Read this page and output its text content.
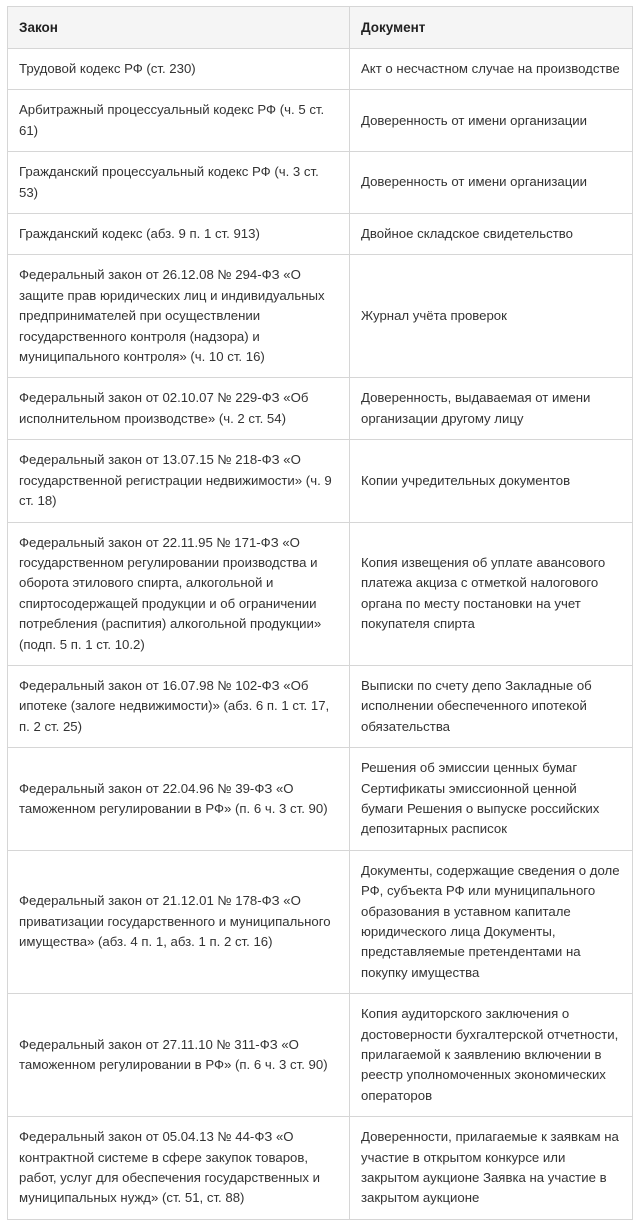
Закон	Документ
Трудовой кодекс РФ (ст. 230)	Акт о несчастном случае на производстве
Арбитражный процессуальный кодекс РФ (ч. 5 ст. 61)	Доверенность от имени организации
Гражданский процессуальный кодекс РФ (ч. 3 ст. 53)	Доверенность от имени организации
Гражданский кодекс (абз. 9 п. 1 ст. 913)	Двойное складское свидетельство
Федеральный закон от 26.12.08 № 294-ФЗ «О защите прав юридических лиц и индивидуальных предпринимателей при осуществлении государственного контроля (надзора) и муниципального контроля» (ч. 10 ст. 16)	Журнал учёта проверок
Федеральный закон от 02.10.07 № 229-ФЗ «Об исполнительном производстве» (ч. 2 ст. 54)	Доверенность, выдаваемая от имени организации другому лицу
Федеральный закон от 13.07.15 № 218-ФЗ «О государственной регистрации недвижимости» (ч. 9 ст. 18)	Копии учредительных документов
Федеральный закон от 22.11.95 № 171-ФЗ «О государственном регулировании производства и оборота этилового спирта, алкогольной и спиртосодержащей продукции и об ограничении потребления (распития) алкогольной продукции» (подп. 5 п. 1 ст. 10.2)	Копия извещения об уплате авансового платежа акциза с отметкой налогового органа по месту постановки на учет покупателя спирта
Федеральный закон от 16.07.98 № 102-ФЗ «Об ипотеке (залоге недвижимости)» (абз. 6 п. 1 ст. 17, п. 2 ст. 25)	Выписки по счету депо Закладные об исполнении обеспеченного ипотекой обязательства
Федеральный закон от 22.04.96 № 39-ФЗ «О таможенном регулировании в РФ» (п. 6 ч. 3 ст. 90)	Решения об эмиссии ценных бумаг Сертификаты эмиссионной ценной бумаги Решения о выпуске российских депозитарных расписок
Федеральный закон от 21.12.01 № 178-ФЗ «О приватизации государственного и муниципального имущества» (абз. 4 п. 1, абз. 1 п. 2 ст. 16)	Документы, содержащие сведения о доле РФ, субъекта РФ или муниципального образования в уставном капитале юридического лица Документы, представляемые претендентами на покупку имущества
Федеральный закон от 27.11.10 № 311-ФЗ «О таможенном регулировании в РФ» (п. 6 ч. 3 ст. 90)	Копия аудиторского заключения о достоверности бухгалтерской отчетности, прилагаемой к заявлению включении в реестр уполномоченных экономических операторов
Федеральный закон от 05.04.13 № 44-ФЗ «О контрактной системе в сфере закупок товаров, работ, услуг для обеспечения государственных и муниципальных нужд» (ст. 51, ст. 88)	Доверенности, прилагаемые к заявкам на участие в открытом конкурсе или закрытом аукционе Заявка на участие в закрытом аукционе
